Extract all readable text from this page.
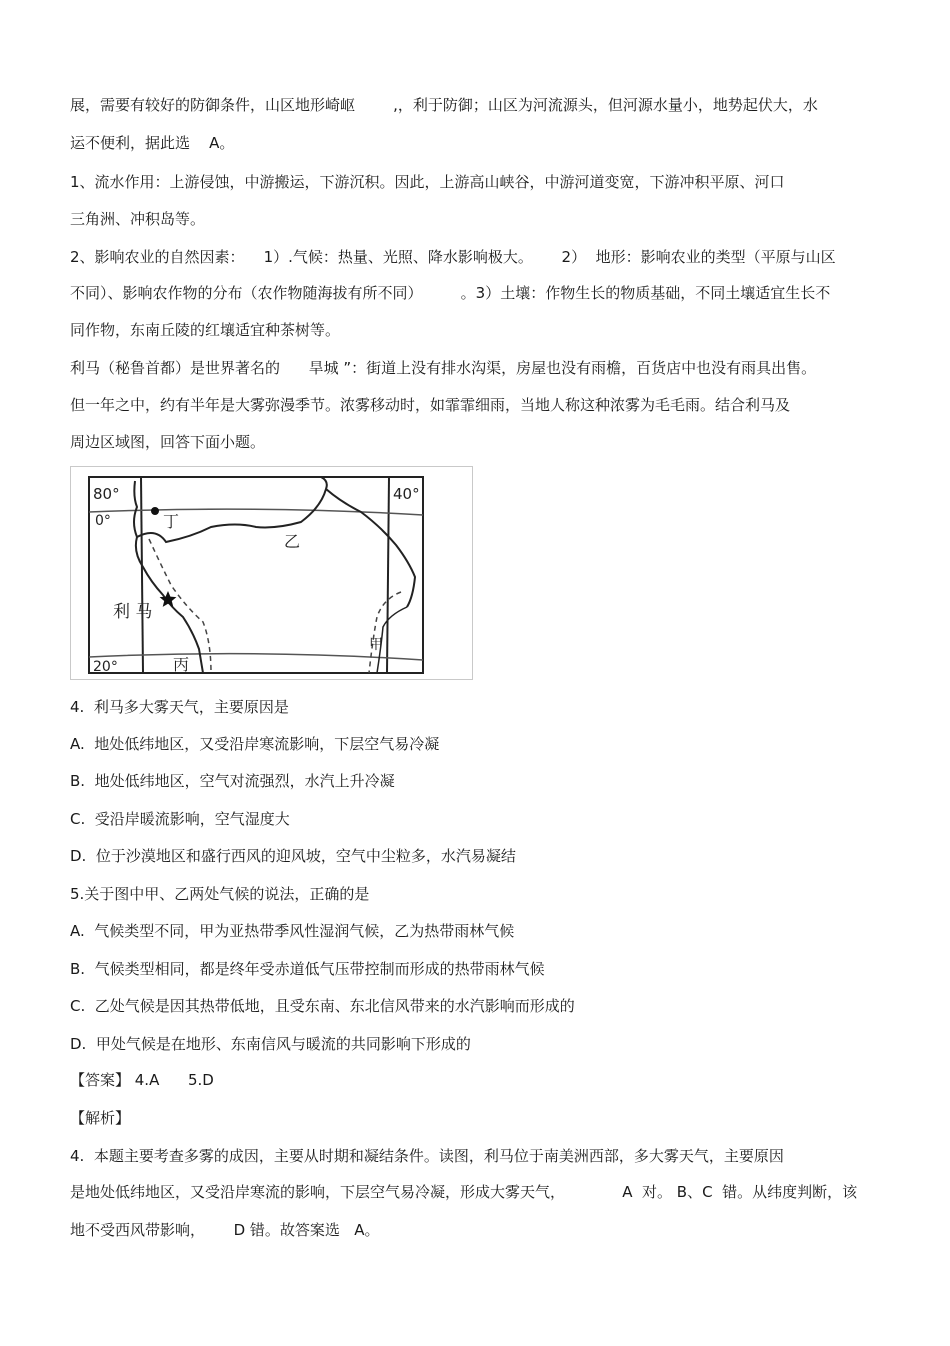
展，需要有较好的防御条件，山区地形崎岖        ,，利于防御；山区为河流源头，但河源水量小，地势起伏大，水
运不便利，据此选    A。
1、流水作用：上游侵蚀，中游搬运，下游沉积。因此，上游高山峡谷，中游河道变宽，下游冲积平原、河口
三角洲、冲积岛等。
2、影响农业的自然因素：    1）.气候：热量、光照、降水影响极大。      2）  地形：影响农业的类型（平原与山区
不同）、影响农作物的分布（农作物随海拔有所不同）        。3）土壤：作物生长的物质基础，不同土壤适宜生长不
同作物，东南丘陵的红壤适宜种茶树等。
利马（秘鲁首都）是世界著名的      旱城 ”：街道上没有排水沟渠，房屋也没有雨檐，百货店中也没有雨具出售。
但一年之中，约有半年是大雾弥漫季节。浓雾移动时，如霏霏细雨，当地人称这种浓雾为毛毛雨。结合利马及
周边区域图，回答下面小题。
80°	40°
0°
20°
丁
乙
利 马
丙
甲
4.  利马多大雾天气，主要原因是
A.  地处低纬地区，又受沿岸寒流影响，下层空气易冷凝
B.  地处低纬地区，空气对流强烈，水汽上升冷凝
C.  受沿岸暖流影响，空气湿度大
D.  位于沙漠地区和盛行西风的迎风坡，空气中尘粒多，水汽易凝结
5.关于图中甲、乙两处气候的说法，正确的是
A.  气候类型不同，甲为亚热带季风性湿润气候，乙为热带雨林气候
B.  气候类型相同，都是终年受赤道低气压带控制而形成的热带雨林气候
C.  乙处气候是因其热带低地，且受东南、东北信风带来的水汽影响而形成的
D.  甲处气候是在地形、东南信风与暖流的共同影响下形成的
【答案】 4.A      5.D
【解析】
4.  本题主要考查多雾的成因，主要从时期和凝结条件。读图，利马位于南美洲西部，多大雾天气，主要原因
是地处低纬地区，又受沿岸寒流的影响，下层空气易冷凝，形成大雾天气，            A  对。 B、C  错。从纬度判断，该
地不受西风带影响，      D 错。故答案选   A。
